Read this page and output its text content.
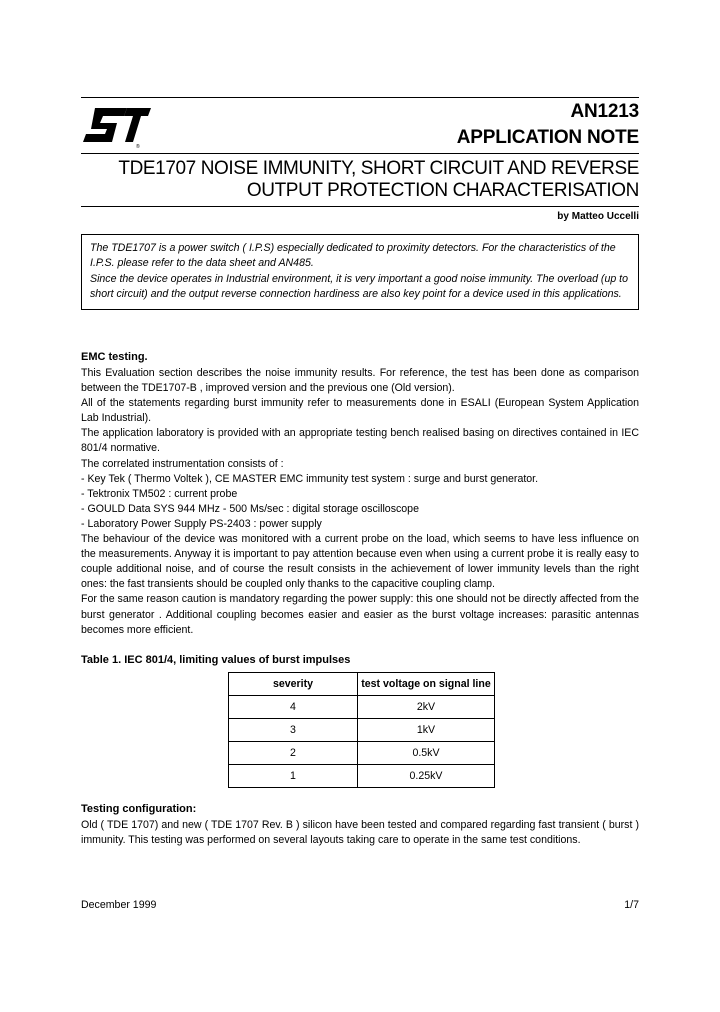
®
AN1213
APPLICATION NOTE
TDE1707 NOISE IMMUNITY, SHORT CIRCUIT AND REVERSE
OUTPUT PROTECTION CHARACTERISATION
by Matteo Uccelli

The TDE1707 is a power switch ( I.P.S) especially dedicated to proximity detectors. For the characteristics of the I.P.S. please refer to the data sheet and AN485.

Since the device operates in Industrial environment, it is very important a good noise immunity. The overload (up to short circuit) and the output reverse connection hardiness are also key point for a device used in this applications.

EMC testing.

This Evaluation section describes the noise immunity results. For reference, the test has been done as comparison between the TDE1707-B , improved version and the previous one (Old version).

All of the statements regarding burst immunity refer to measurements done in ESALI (European System Application Lab Industrial).

The application laboratory is provided with an appropriate testing bench realised basing on directives contained in IEC 801/4 normative.

The correlated instrumentation consists of :

- Key Tek ( Thermo Voltek ), CE MASTER EMC immunity test system : surge and burst generator.

- Tektronix TM502 : current probe

- GOULD Data SYS 944 MHz - 500 Ms/sec : digital storage oscilloscope

- Laboratory Power Supply PS-2403 : power supply

The behaviour of the device was monitored with a current probe on the load, which seems to have less influence on the measurements. Anyway it is important to pay attention because even when using a current probe it is really easy to couple additional noise, and of course the result consists in the achievement of lower immunity levels than the right ones: the fast transients should be coupled only thanks to the capacitive coupling clamp.

For the same reason caution is mandatory regarding the power supply: this one should not be directly affected from the burst generator . Additional coupling becomes easier and easier as the burst voltage increases: parasitic antennas becomes more efficient.

Table 1. IEC 801/4, limiting values of burst impulses
severity	test voltage on signal line
4	2kV
3	1kV
2	0.5kV
1	0.25kV
Testing configuration:

Old ( TDE 1707) and new ( TDE 1707 Rev. B ) silicon have been tested and compared regarding fast transient ( burst ) immunity. This testing was performed on several layouts taking care to operate in the same test conditions.

December 1999	1/7
